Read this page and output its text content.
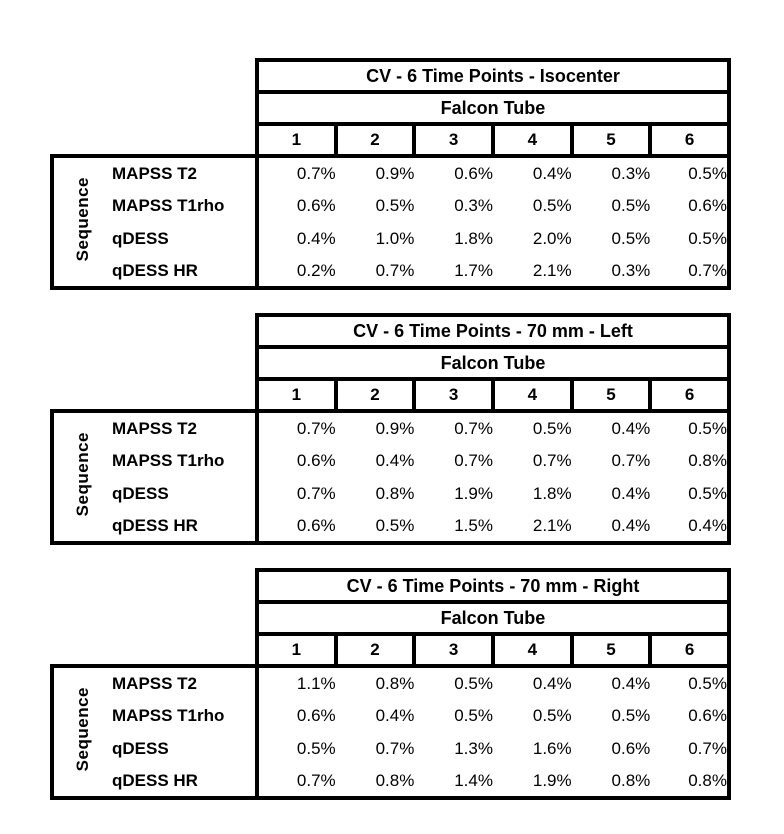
		CV - 6 Time Points - Isocenter					
		Falcon Tube					
		1	2	3	4	5	6
Sequence	MAPSS T2	0.7%	0.9%	0.6%	0.4%	0.3%	0.5%
	MAPSS T1rho	0.6%	0.5%	0.3%	0.5%	0.5%	0.6%
	qDESS	0.4%	1.0%	1.8%	2.0%	0.5%	0.5%
	qDESS HR	0.2%	0.7%	1.7%	2.1%	0.3%	0.7%
		CV - 6 Time Points - 70 mm - Left					
		Falcon Tube					
		1	2	3	4	5	6
Sequence	MAPSS T2	0.7%	0.9%	0.7%	0.5%	0.4%	0.5%
	MAPSS T1rho	0.6%	0.4%	0.7%	0.7%	0.7%	0.8%
	qDESS	0.7%	0.8%	1.9%	1.8%	0.4%	0.5%
	qDESS HR	0.6%	0.5%	1.5%	2.1%	0.4%	0.4%
		CV - 6 Time Points - 70 mm - Right					
		Falcon Tube					
		1	2	3	4	5	6
Sequence	MAPSS T2	1.1%	0.8%	0.5%	0.4%	0.4%	0.5%
	MAPSS T1rho	0.6%	0.4%	0.5%	0.5%	0.5%	0.6%
	qDESS	0.5%	0.7%	1.3%	1.6%	0.6%	0.7%
	qDESS HR	0.7%	0.8%	1.4%	1.9%	0.8%	0.8%
